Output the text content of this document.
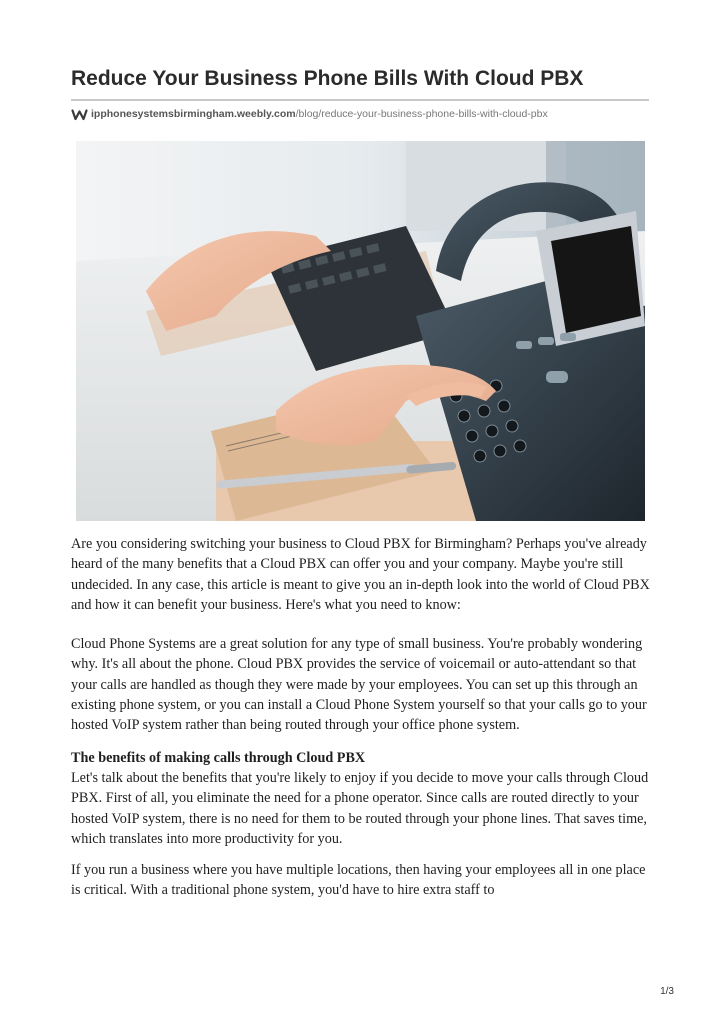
Reduce Your Business Phone Bills With Cloud PBX
ipphonesystemsbirmingham.weebly.com /blog/reduce-your-business-phone-bills-with-cloud-pbx

Are you considering switching your business to Cloud PBX for Birmingham? Perhaps you've already heard of the many benefits that a Cloud PBX can offer you and your company. Maybe you're still undecided. In any case, this article is meant to give you an in-depth look into the world of Cloud PBX and how it can benefit your business. Here's what you need to know:

Cloud Phone Systems are a great solution for any type of small business. You're probably wondering why. It's all about the phone. Cloud PBX provides the service of voicemail or auto-attendant so that your calls are handled as though they were made by your employees. You can set up this through an existing phone system, or you can install a Cloud Phone System yourself so that your calls go to your hosted VoIP system rather than being routed through your office phone system.

The benefits of making calls through Cloud PBX

Let's talk about the benefits that you're likely to enjoy if you decide to move your calls through Cloud PBX. First of all, you eliminate the need for a phone operator. Since calls are routed directly to your hosted VoIP system, there is no need for them to be routed through your phone lines. That saves time, which translates into more productivity for you.

If you run a business where you have multiple locations, then having your employees all in one place is critical. With a traditional phone system, you'd have to hire extra staff to

1/3
